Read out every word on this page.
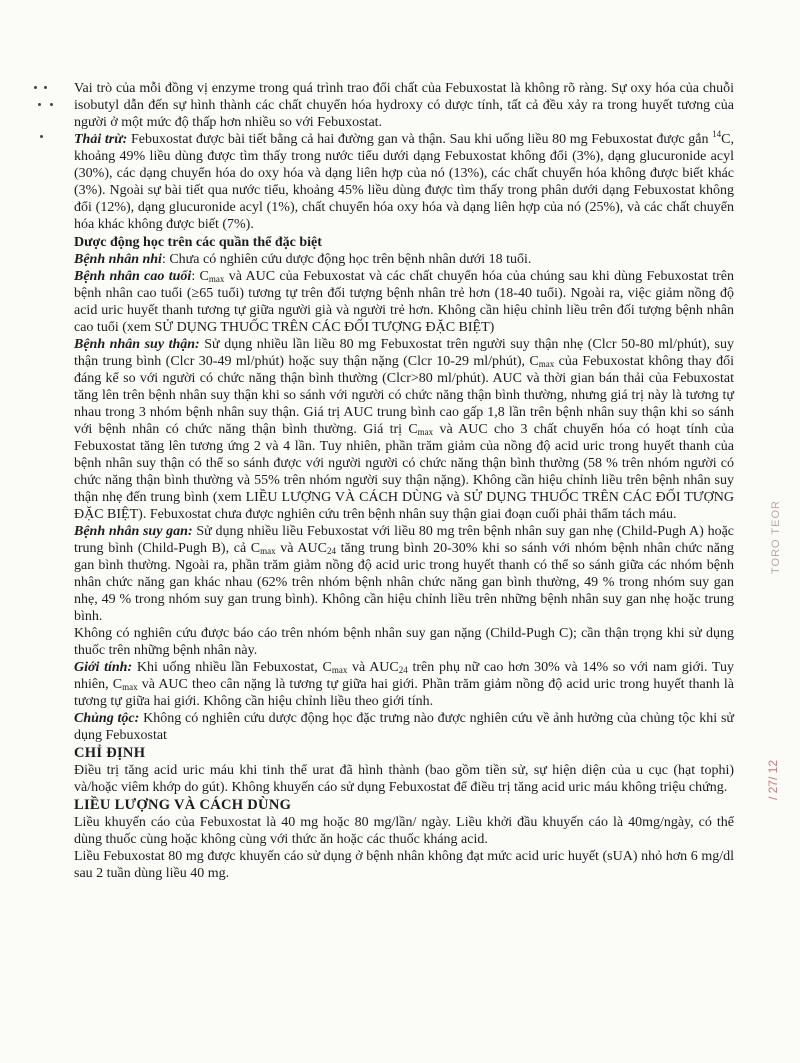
TORO TEOR
/ 27/ 12

Vai trò của mỗi đồng vị enzyme trong quá trình trao đổi chất của Febuxostat là không rõ ràng. Sự oxy hóa của chuỗi isobutyl dẫn đến sự hình thành các chất chuyển hóa hydroxy có dược tính, tất cả đều xảy ra trong huyết tương của người ở một mức độ thấp hơn nhiều so với Febuxostat.

Thải trừ: Febuxostat được bài tiết bằng cả hai đường gan và thận. Sau khi uống liều 80 mg Febuxostat được gắn $^{14}$C, khoảng 49% liều dùng được tìm thấy trong nước tiểu dưới dạng Febuxostat không đổi (3%), dạng glucuronide acyl (30%), các dạng chuyển hóa do oxy hóa và dạng liên hợp của nó (13%), các chất chuyển hóa không được biết khác (3%). Ngoài sự bài tiết qua nước tiểu, khoảng 45% liều dùng được tìm thấy trong phân dưới dạng Febuxostat không đổi (12%), dạng glucuronide acyl (1%), chất chuyển hóa oxy hóa và dạng liên hợp của nó (25%), và các chất chuyển hóa khác không được biết (7%).

Dược động học trên các quần thể đặc biệt

Bệnh nhân nhi: Chưa có nghiên cứu dược động học trên bệnh nhân dưới 18 tuổi.

Bệnh nhân cao tuổi: $C_{max}$ và AUC của Febuxostat và các chất chuyển hóa của chúng sau khi dùng Febuxostat trên bệnh nhân cao tuổi (≥65 tuổi) tương tự trên đối tượng bệnh nhân trẻ hơn (18-40 tuổi). Ngoài ra, việc giảm nồng độ acid uric huyết thanh tương tự giữa người già và người trẻ hơn. Không cần hiệu chỉnh liều trên đối tượng bệnh nhân cao tuổi (xem SỬ DỤNG THUỐC TRÊN CÁC ĐỐI TƯỢNG ĐẶC BIỆT)

Bệnh nhân suy thận: Sử dụng nhiều lần liều 80 mg Febuxostat trên người suy thận nhẹ (Clcr 50-80 ml/phút), suy thận trung bình (Clcr 30-49 ml/phút) hoặc suy thận nặng (Clcr 10-29 ml/phút), $C_{max}$ của Febuxostat không thay đổi đáng kể so với người có chức năng thận bình thường (Clcr>80 ml/phút). AUC và thời gian bán thải của Febuxostat tăng lên trên bệnh nhân suy thận khi so sánh với người có chức năng thận bình thường, nhưng giá trị này là tương tự nhau trong 3 nhóm bệnh nhân suy thận. Giá trị AUC trung bình cao gấp 1,8 lần trên bệnh nhân suy thận khi so sánh với bệnh nhân có chức năng thận bình thường. Giá trị $C_{max}$ và AUC cho 3 chất chuyển hóa có hoạt tính của Febuxostat tăng lên tương ứng 2 và 4 lần. Tuy nhiên, phần trăm giảm của nồng độ acid uric trong huyết thanh của bệnh nhân suy thận có thể so sánh được với người người có chức năng thận bình thường (58 % trên nhóm người có chức năng thận bình thường và 55% trên nhóm người suy thận nặng). Không cần hiệu chỉnh liều trên bệnh nhân suy thận nhẹ đến trung bình (xem LIỀU LƯỢNG VÀ CÁCH DÙNG và SỬ DỤNG THUỐC TRÊN CÁC ĐỐI TƯỢNG ĐẶC BIỆT). Febuxostat chưa được nghiên cứu trên bệnh nhân suy thận giai đoạn cuối phải thẩm tách máu.

Bệnh nhân suy gan: Sử dụng nhiều liều Febuxostat với liều 80 mg trên bệnh nhân suy gan nhẹ (Child-Pugh A) hoặc trung bình (Child-Pugh B), cả $C_{max}$ và $AUC_{24}$ tăng trung bình 20-30% khi so sánh với nhóm bệnh nhân chức năng gan bình thường. Ngoài ra, phần trăm giảm nồng độ acid uric trong huyết thanh có thể so sánh giữa các nhóm bệnh nhân chức năng gan khác nhau (62% trên nhóm bệnh nhân chức năng gan bình thường, 49 % trong nhóm suy gan nhẹ, 49 % trong nhóm suy gan trung bình). Không cần hiệu chỉnh liều trên những bệnh nhân suy gan nhẹ hoặc trung bình.

Không có nghiên cứu được báo cáo trên nhóm bệnh nhân suy gan nặng (Child-Pugh C); cần thận trọng khi sử dụng thuốc trên những bệnh nhân này.

Giới tính: Khi uống nhiều lần Febuxostat, $C_{max}$ và $AUC_{24}$ trên phụ nữ cao hơn 30% và 14% so với nam giới. Tuy nhiên, $C_{max}$ và AUC theo cân nặng là tương tự giữa hai giới. Phần trăm giảm nồng độ acid uric trong huyết thanh là tương tự giữa hai giới. Không cần hiệu chỉnh liều theo giới tính.

Chủng tộc: Không có nghiên cứu dược động học đặc trưng nào được nghiên cứu về ảnh hưởng của chủng tộc khi sử dụng Febuxostat

CHỈ ĐỊNH

Điều trị tăng acid uric máu khi tinh thể urat đã hình thành (bao gồm tiền sử, sự hiện diện của u cục (hạt tophi) và/hoặc viêm khớp do gút). Không khuyến cáo sử dụng Febuxostat để điều trị tăng acid uric máu không triệu chứng.

LIỀU LƯỢNG VÀ CÁCH DÙNG

Liều khuyến cáo của Febuxostat là 40 mg hoặc 80 mg/lần/ ngày. Liều khởi đầu khuyến cáo là 40mg/ngày, có thể dùng thuốc cùng hoặc không cùng với thức ăn hoặc các thuốc kháng acid.

Liều Febuxostat 80 mg được khuyến cáo sử dụng ở bệnh nhân không đạt mức acid uric huyết (sUA) nhỏ hơn 6 mg/dl sau 2 tuần dùng liều 40 mg.
